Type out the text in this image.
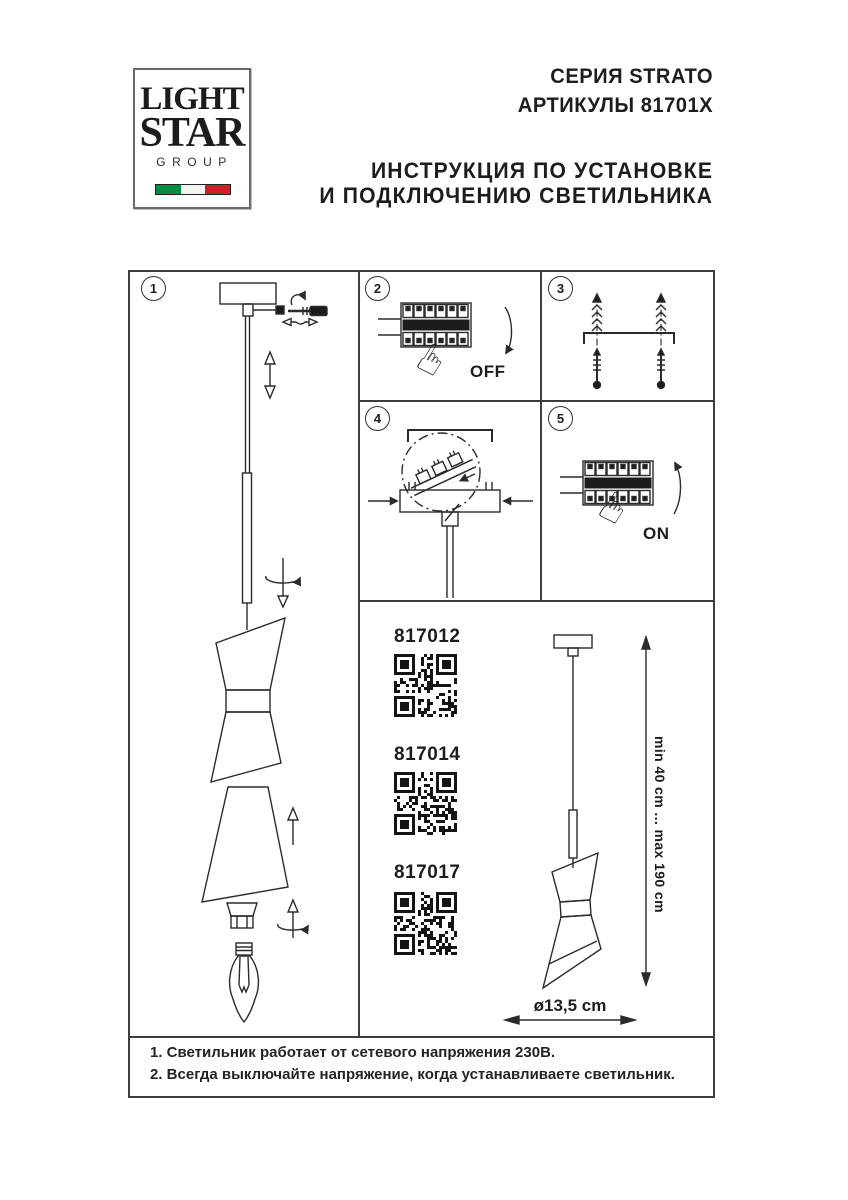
LIGHT
STAR
GROUP
СЕРИЯ STRATO
АРТИКУЛЫ 81701X
ИНСТРУКЦИЯ ПО УСТАНОВКЕ
И ПОДКЛЮЧЕНИЮ СВЕТИЛЬНИКА
1	2	3
4	5
☞
☞
OFF
ON
817012
817014
817017	min 40 cm ... max 190 cm
ø13,5 cm
1. Светильник работает от сетевого напряжения 230В.
2. Всегда выключайте напряжение, когда устанавливаете светильник.
